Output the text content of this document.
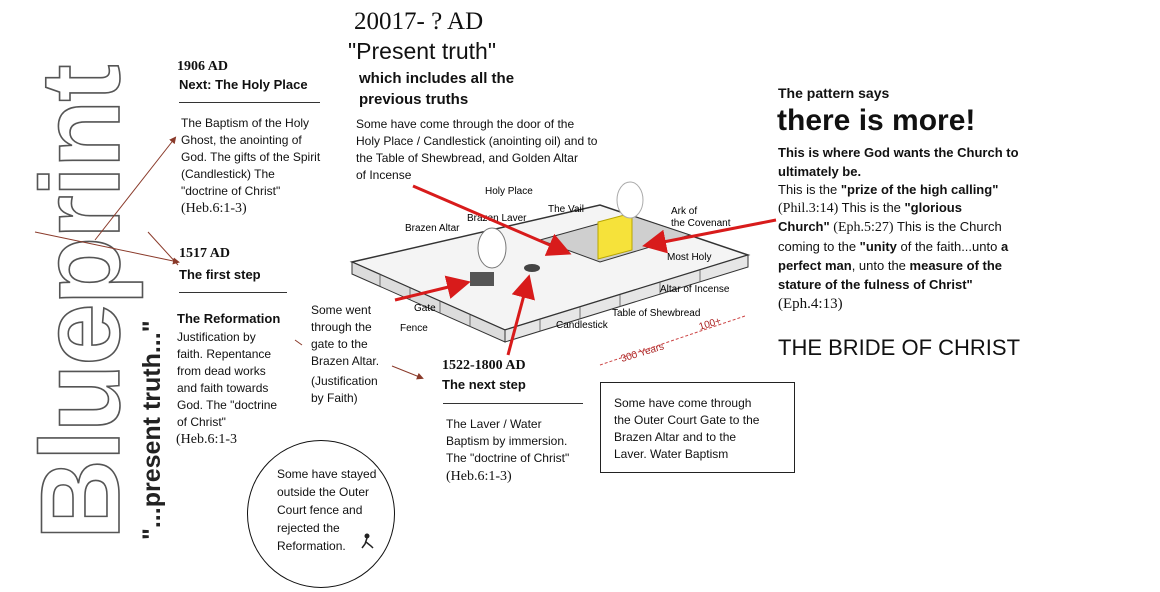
Blueprint
"...present truth..."
20017- ? AD
"Present truth"
which includes all the
previous truths
Some have come through the door of the
Holy Place / Candlestick (anointing oil) and to
the Table of Shewbread, and Golden Altar
of Incense
1906 AD
Next: The Holy Place
The Baptism of the Holy
Ghost, the anointing of
God. The gifts of the Spirit
(Candlestick) The
"doctrine of Christ"
(Heb.6:1-3)
1517 AD
The first step
The Reformation
Justification by
faith. Repentance
from dead works
and faith towards
God. The "doctrine
of Christ"
(Heb.6:1-3
Some went
through the
gate to the
Brazen Altar.
(Justification
by Faith)
1522-1800 AD
The next step
The Laver / Water
Baptism by immersion.
The "doctrine of Christ"
(Heb.6:1-3)
Some have come through
the Outer Court Gate to the
Brazen Altar and to the
Laver. Water Baptism
Some have stayed
outside the Outer
Court fence and
rejected the
Reformation.
The pattern says
there is more!
This is where God wants the Church to
ultimately be.
This is the "prize of the high calling"
(Phil.3:14) This is the "glorious
Church" (Eph.5:27) This is the Church
coming to the "unity of the faith...unto a
perfect man, unto the measure of the
stature of the fulness of Christ"
(Eph.4:13)
THE BRIDE OF CHRIST
Holy Place
Brazen Laver
The Vail	Ark of
the Covenant
Brazen Altar
Most Holy
Altar of Incense
Table of Shewbread
Candlestick
Gate
Fence
300 Years
100+
